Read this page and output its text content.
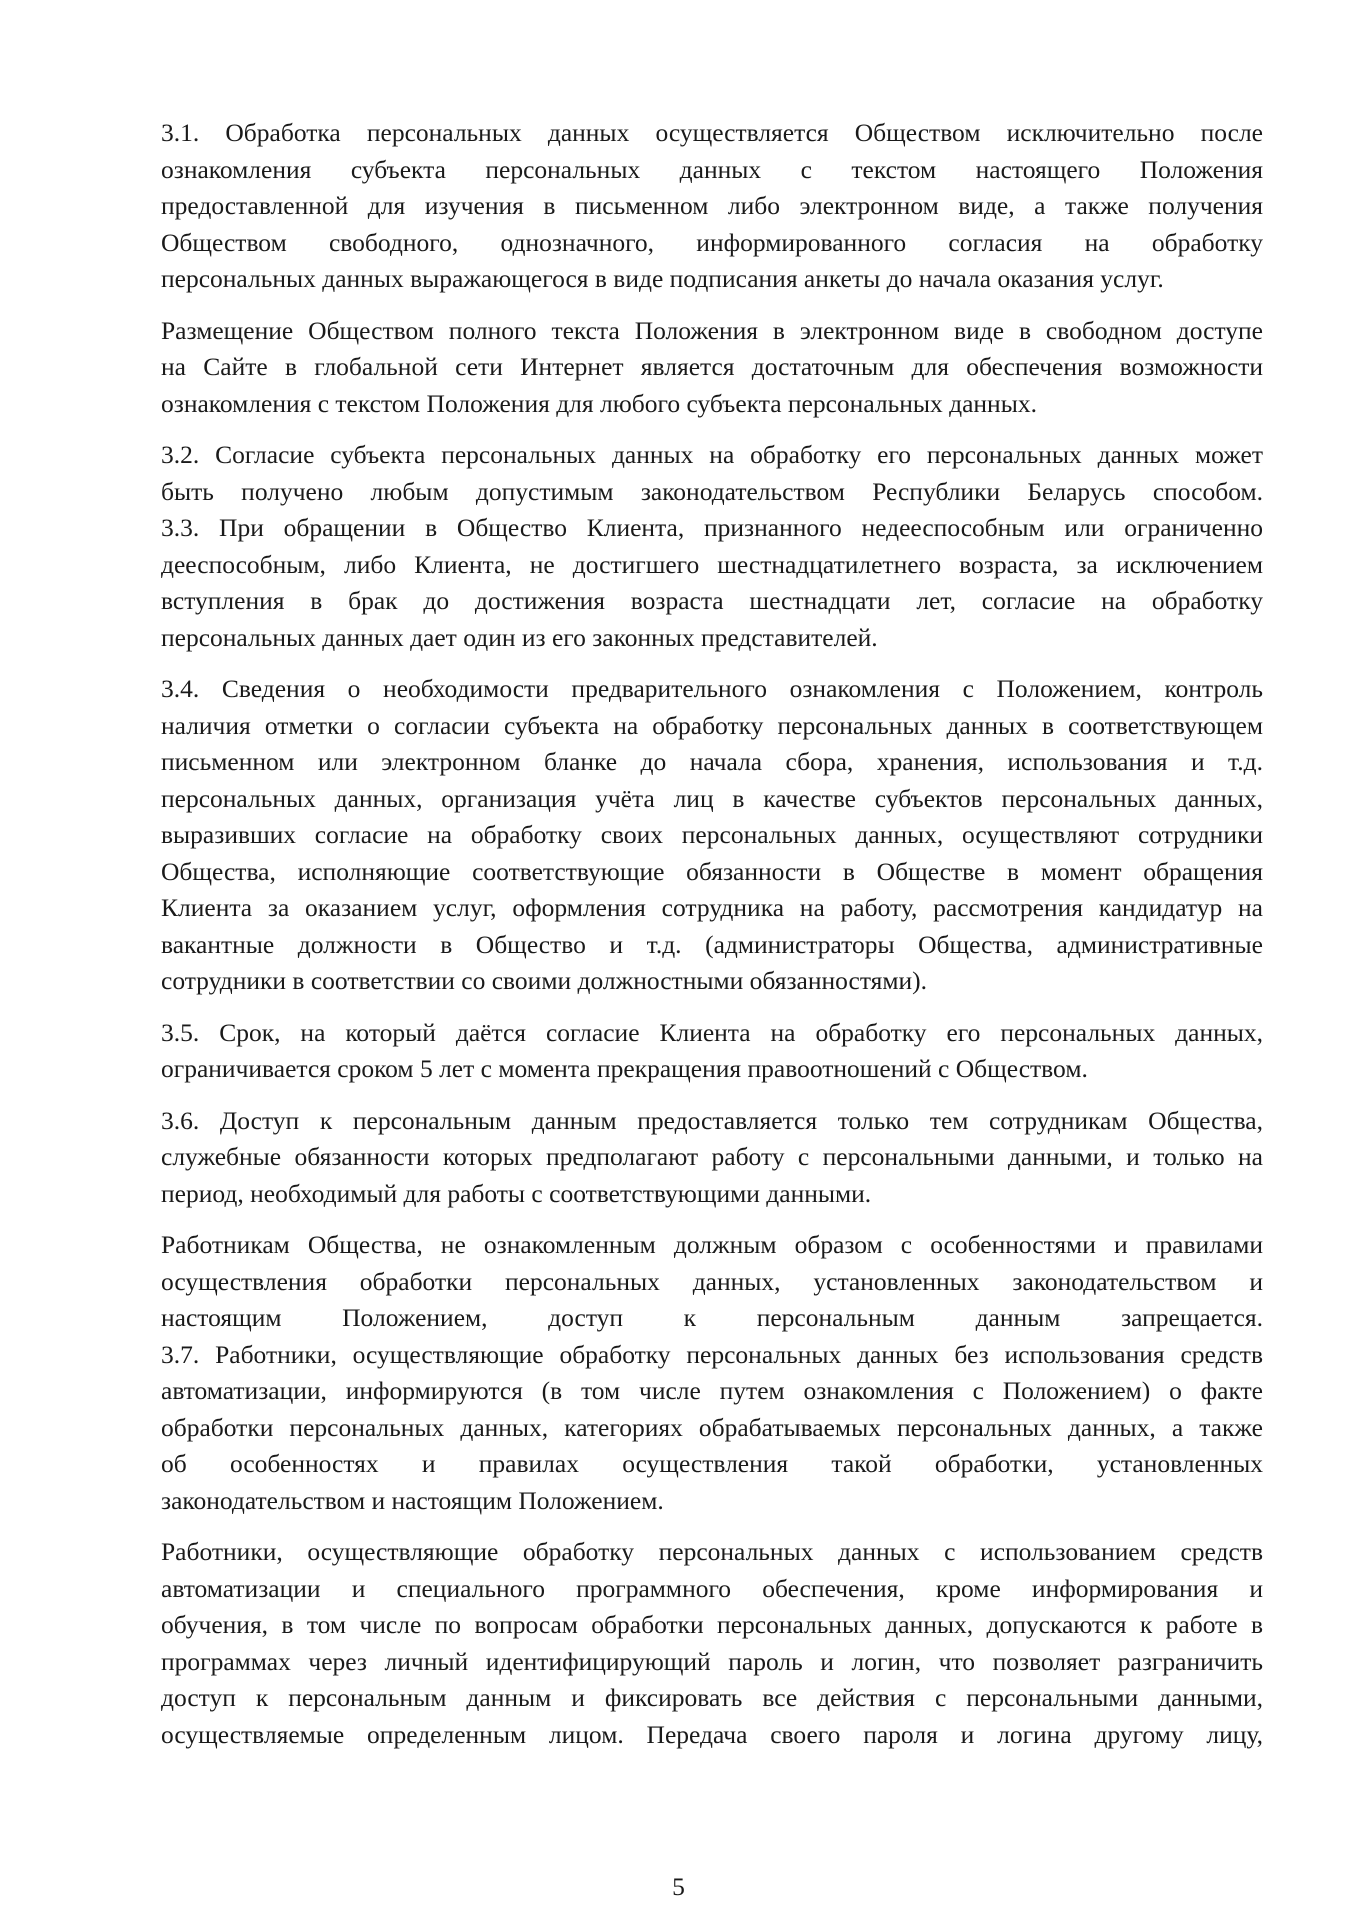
3.1. Обработка персональных данных осуществляется Обществом исключительно после
ознакомления субъекта персональных данных с текстом настоящего Положения
предоставленной для изучения в письменном либо электронном виде, а также получения
Обществом свободного, однозначного, информированного согласия на обработку
персональных данных выражающегося в виде подписания анкеты до начала оказания услуг.

Размещение Обществом полного текста Положения в электронном виде в свободном доступе
на Сайте в глобальной сети Интернет является достаточным для обеспечения возможности
ознакомления с текстом Положения для любого субъекта персональных данных.

3.2. Согласие субъекта персональных данных на обработку его персональных данных может
быть получено любым допустимым законодательством Республики Беларусь способом.
3.3. При обращении в Общество Клиента, признанного недееспособным или ограниченно
дееспособным, либо Клиента, не достигшего шестнадцатилетнего возраста, за исключением
вступления в брак до достижения возраста шестнадцати лет, согласие на обработку
персональных данных дает один из его законных представителей.

3.4. Сведения о необходимости предварительного ознакомления с Положением, контроль
наличия отметки о согласии субъекта на обработку персональных данных в соответствующем
письменном или электронном бланке до начала сбора, хранения, использования и т.д.
персональных данных, организация учёта лиц в качестве субъектов персональных данных,
выразивших согласие на обработку своих персональных данных, осуществляют сотрудники
Общества, исполняющие соответствующие обязанности в Обществе в момент обращения
Клиента за оказанием услуг, оформления сотрудника на работу, рассмотрения кандидатур на
вакантные должности в Общество и т.д. (администраторы Общества, административные
сотрудники в соответствии со своими должностными обязанностями).

3.5. Срок, на который даётся согласие Клиента на обработку его персональных данных,
ограничивается сроком 5 лет с момента прекращения правоотношений с Обществом.

3.6. Доступ к персональным данным предоставляется только тем сотрудникам Общества,
служебные обязанности которых предполагают работу с персональными данными, и только на
период, необходимый для работы с соответствующими данными.

Работникам Общества, не ознакомленным должным образом с особенностями и правилами
осуществления обработки персональных данных, установленных законодательством и
настоящим Положением, доступ к персональным данным запрещается.
3.7. Работники, осуществляющие обработку персональных данных без использования средств
автоматизации, информируются (в том числе путем ознакомления с Положением) о факте
обработки персональных данных, категориях обрабатываемых персональных данных, а также
об особенностях и правилах осуществления такой обработки, установленных
законодательством и настоящим Положением.

Работники, осуществляющие обработку персональных данных с использованием средств
автоматизации и специального программного обеспечения, кроме информирования и
обучения, в том числе по вопросам обработки персональных данных, допускаются к работе в
программах через личный идентифицирующий пароль и логин, что позволяет разграничить
доступ к персональным данным и фиксировать все действия с персональными данными,
осуществляемые определенным лицом. Передача своего пароля и логина другому лицу,

5
